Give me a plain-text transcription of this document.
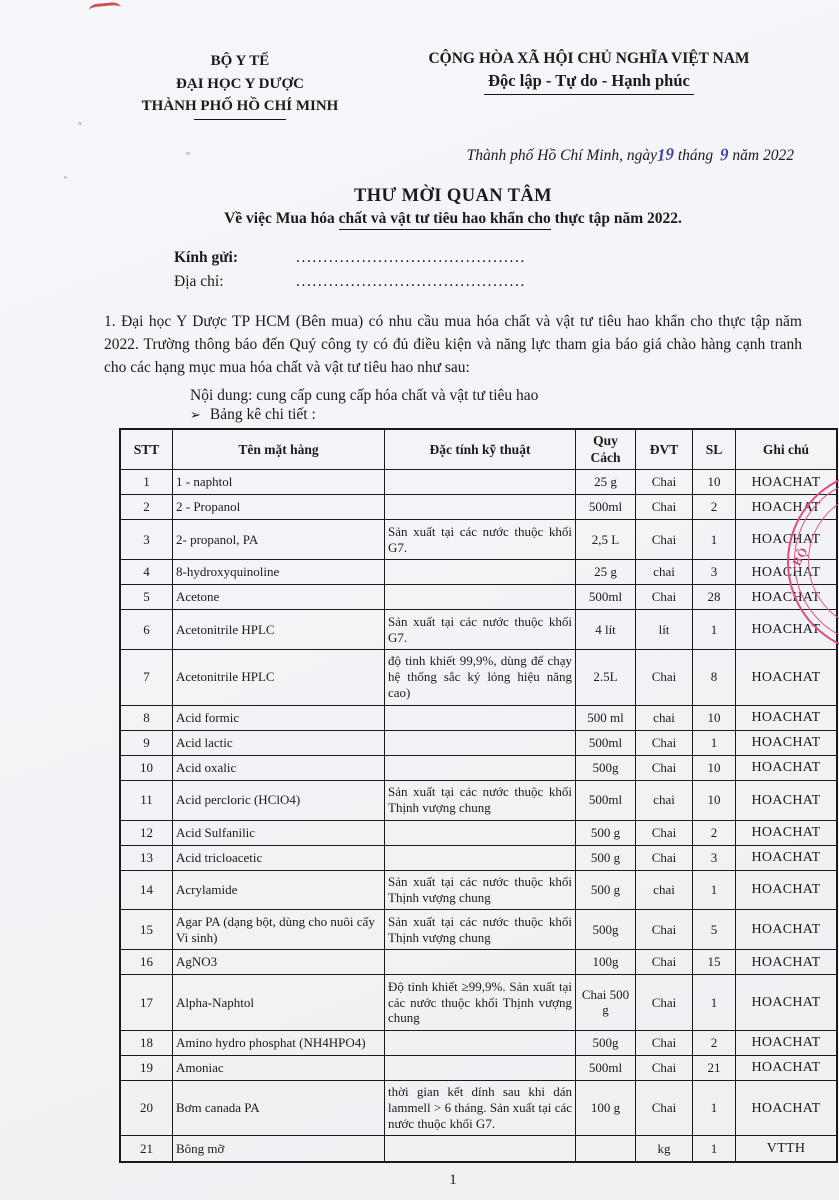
BỘ Y TẾ
ĐẠI HỌC Y DƯỢC
THÀNH PHỐ HỒ CHÍ MINH
CỘNG HÒA XÃ HỘI CHỦ NGHĨA VIỆT NAM
Độc lập - Tự do - Hạnh phúc
Thành phố Hồ Chí Minh, ngày19 tháng 9 năm 2022
THƯ MỜI QUAN TÂM
Về việc Mua hóa chất và vật tư tiêu hao khẩn cho thực tập năm 2022.
Kính gửi:	..........................................
Địa chỉ:	..........................................

1. Đại học Y Dược TP HCM (Bên mua) có nhu cầu mua hóa chất và vật tư tiêu hao khẩn cho thực tập năm 2022. Trường thông báo đến Quý công ty có đủ điều kiện và năng lực tham gia báo giá chào hàng cạnh tranh cho các hạng mục mua hóa chất và vật tư tiêu hao như sau:

Nội dung: cung cấp cung cấp hóa chất và vật tư tiêu hao
➢ Bảng kê chi tiết :
STT	Tên mặt hàng	Đặc tính kỹ thuật	Quy Cách	ĐVT	SL	Ghi chú
1	1 - naphtol		25 g	Chai	10	HOACHAT
2	2 - Propanol		500ml	Chai	2	HOACHAT
3	2- propanol, PA	Sản xuất tại các nước thuộc khối G7.	2,5 L	Chai	1	HOACHAT
4	8-hydroxyquinoline		25 g	chai	3	HOACHAT
5	Acetone		500ml	Chai	28	HOACHAT
6	Acetonitrile HPLC	Sản xuất tại các nước thuộc khối G7.	4 lít	lít	1	HOACHAT
7	Acetonitrile HPLC	độ tinh khiết 99,9%, dùng để chạy hệ thống sắc ký lỏng hiệu năng cao)	2.5L	Chai	8	HOACHAT
8	Acid formic		500 ml	chai	10	HOACHAT
9	Acid lactic		500ml	Chai	1	HOACHAT
10	Acid oxalic		500g	Chai	10	HOACHAT
11	Acid percloric (HClO4)	Sản xuất tại các nước thuộc khối Thịnh vượng chung	500ml	chai	10	HOACHAT
12	Acid Sulfanilic		500 g	Chai	2	HOACHAT
13	Acid tricloacetic		500 g	Chai	3	HOACHAT
14	Acrylamide	Sản xuất tại các nước thuộc khối Thịnh vượng chung	500 g	chai	1	HOACHAT
15	Agar PA (dạng bột, dùng cho nuôi cấy Vi sinh)	Sản xuất tại các nước thuộc khối Thịnh vượng chung	500g	Chai	5	HOACHAT
16	AgNO3		100g	Chai	15	HOACHAT
17	Alpha-Naphtol	Độ tinh khiết ≥99,9%. Sản xuất tại các nước thuộc khối Thịnh vượng chung	Chai 500 g	Chai	1	HOACHAT
18	Amino hydro phosphat (NH4HPO4)		500g	Chai	2	HOACHAT
19	Amoniac		500ml	Chai	21	HOACHAT
20	Bơm canada PA	thời gian kết dính sau khi dán lammell > 6 tháng. Sản xuất tại các nước thuộc khối G7.	100 g	Chai	1	HOACHAT
21	Bông mỡ			kg	1	VTTH
1
BỘ
